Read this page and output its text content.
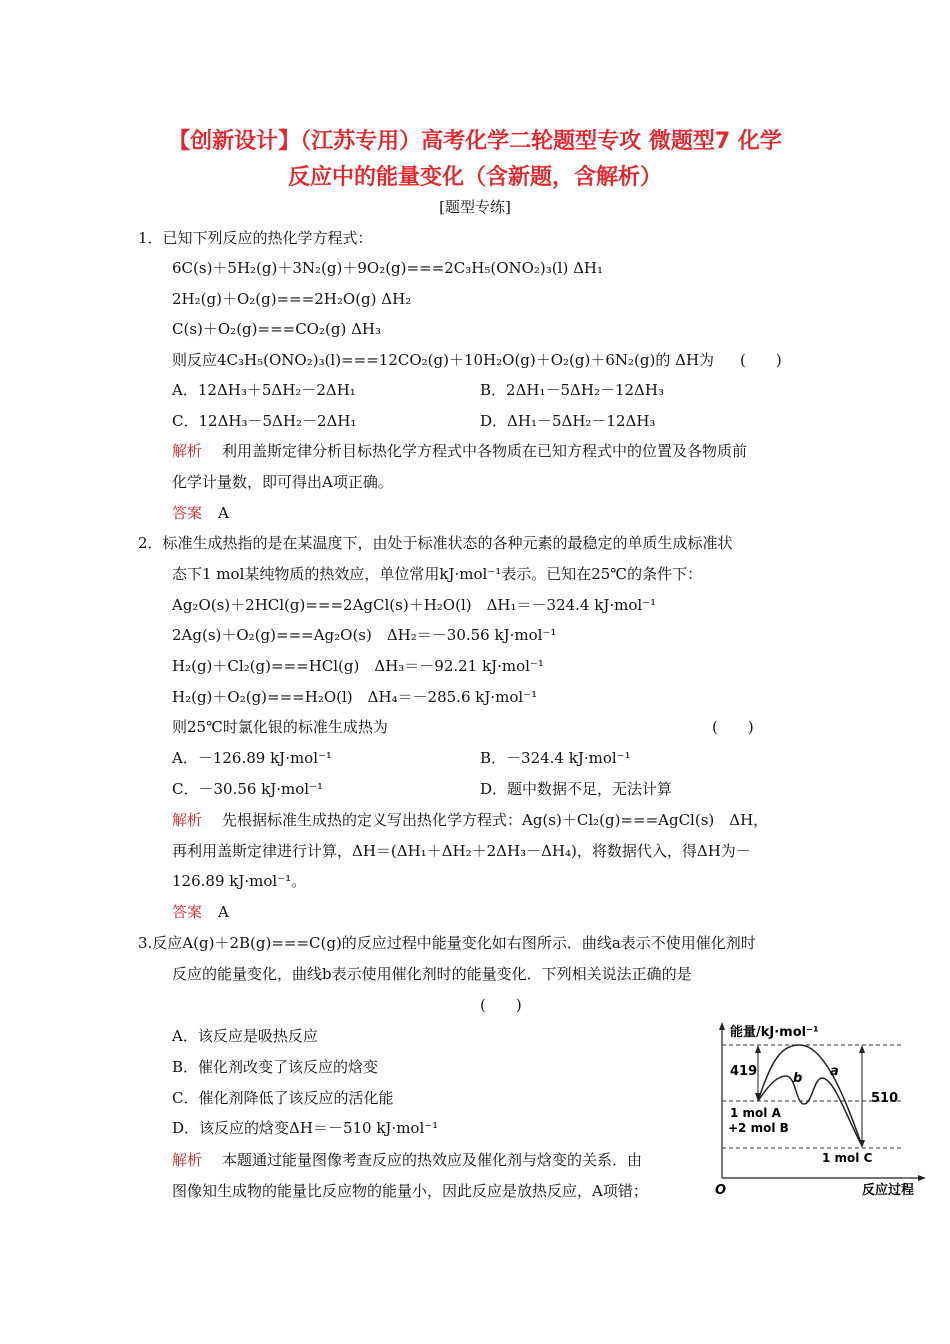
【创新设计】（江苏专用）高考化学二轮题型专攻 微题型7 化学
反应中的能量变化（含新题，含解析）
[题型专练]
1．已知下列反应的热化学方程式：
6C(s)＋5H₂(g)＋3N₂(g)＋9O₂(g)===2C₃H₅(ONO₂)₃(l) ΔH₁
2H₂(g)＋O₂(g)===2H₂O(g) ΔH₂
C(s)＋O₂(g)===CO₂(g) ΔH₃
则反应4C₃H₅(ONO₂)₃(l)===12CO₂(g)＋10H₂O(g)＋O₂(g)＋6N₂(g)的 ΔH为 (　　)
A．12ΔH₃＋5ΔH₂－2ΔH₁	B．2ΔH₁－5ΔH₂－12ΔH₃
C．12ΔH₃－5ΔH₂－2ΔH₁	D．ΔH₁－5ΔH₂－12ΔH₃
解析 利用盖斯定律分析目标热化学方程式中各物质在已知方程式中的位置及各物质前
化学计量数，即可得出A项正确。
答案 A
2．标准生成热指的是在某温度下，由处于标准状态的各种元素的最稳定的单质生成标准状
态下1 mol某纯物质的热效应，单位常用kJ·mol⁻¹表示。已知在25℃的条件下：
Ag₂O(s)＋2HCl(g)===2AgCl(s)＋H₂O(l)　ΔH₁＝－324.4 kJ·mol⁻¹
2Ag(s)＋O₂(g)===Ag₂O(s)　ΔH₂＝－30.56 kJ·mol⁻¹
H₂(g)＋Cl₂(g)===HCl(g)　ΔH₃＝－92.21 kJ·mol⁻¹
H₂(g)＋O₂(g)===H₂O(l)　ΔH₄＝－285.6 kJ·mol⁻¹
则25℃时氯化银的标准生成热为	(　　)
A．－126.89 kJ·mol⁻¹	B．－324.4 kJ·mol⁻¹
C．－30.56 kJ·mol⁻¹	D．题中数据不足，无法计算
解析 先根据标准生成热的定义写出热化学方程式：Ag(s)＋Cl₂(g)===AgCl(s)　ΔH，
再利用盖斯定律进行计算，ΔH＝(ΔH₁＋ΔH₂＋2ΔH₃－ΔH₄)，将数据代入，得ΔH为－
126.89 kJ·mol⁻¹。
答案 A
3.反应A(g)＋2B(g)===C(g)的反应过程中能量变化如右图所示．曲线a表示不使用催化剂时
反应的能量变化，曲线b表示使用催化剂时的能量变化．下列相关说法正确的是
(　　)
A．该反应是吸热反应
B．催化剂改变了该反应的焓变
C．催化剂降低了该反应的活化能
D．该反应的焓变ΔH＝－510 kJ·mol⁻¹
解析 本题通过能量图像考查反应的热效应及催化剂与焓变的关系．由
图像知生成物的能量比反应物的能量小，因此反应是放热反应，A项错；
能量/kJ·mol⁻¹
419
510
a
b
1 mol A
+2 mol B
1 mol C
O	反应过程
